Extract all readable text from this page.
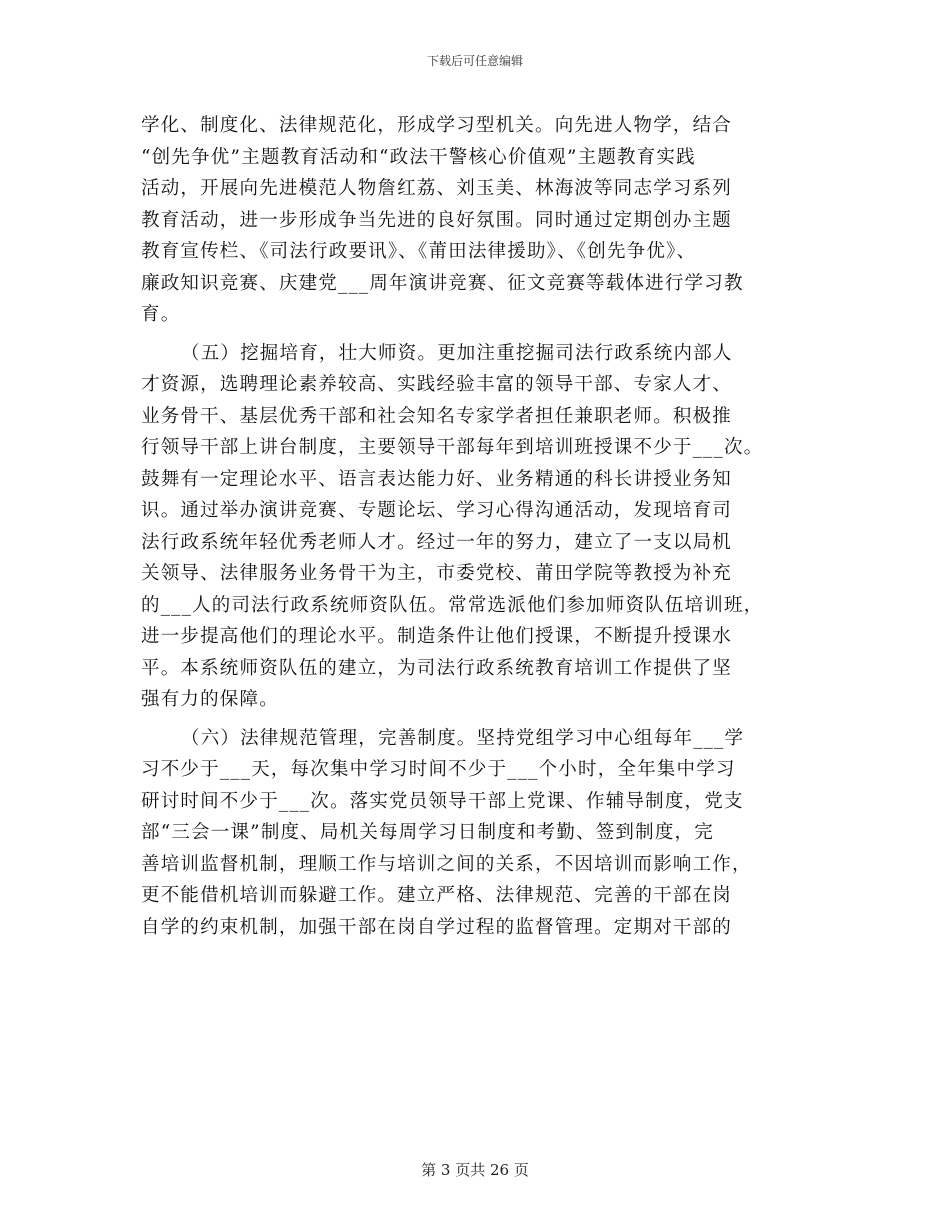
下载后可任意编辑
学化、制度化、法律规范化，形成学习型机关。向先进人物学，结合
“创先争优”主题教育活动和“政法干警核心价值观”主题教育实践
活动，开展向先进模范人物詹红荔、刘玉美、林海波等同志学习系列
教育活动，进一步形成争当先进的良好氛围。同时通过定期创办主题
教育宣传栏、《司法行政要讯》、《莆田法律援助》、《创先争优》、
廉政知识竞赛、庆建党___周年演讲竞赛、征文竞赛等载体进行学习教
育。
（五）挖掘培育，壮大师资。更加注重挖掘司法行政系统内部人
才资源，选聘理论素养较高、实践经验丰富的领导干部、专家人才、
业务骨干、基层优秀干部和社会知名专家学者担任兼职老师。积极推
行领导干部上讲台制度，主要领导干部每年到培训班授课不少于___次。
鼓舞有一定理论水平、语言表达能力好、业务精通的科长讲授业务知
识。通过举办演讲竞赛、专题论坛、学习心得沟通活动，发现培育司
法行政系统年轻优秀老师人才。经过一年的努力，建立了一支以局机
关领导、法律服务业务骨干为主，市委党校、莆田学院等教授为补充
的___人的司法行政系统师资队伍。常常选派他们参加师资队伍培训班，
进一步提高他们的理论水平。制造条件让他们授课，不断提升授课水
平。本系统师资队伍的建立，为司法行政系统教育培训工作提供了坚
强有力的保障。
（六）法律规范管理，完善制度。坚持党组学习中心组每年___学
习不少于___天，每次集中学习时间不少于___个小时，全年集中学习
研讨时间不少于___次。落实党员领导干部上党课、作辅导制度，党支
部“三会一课”制度、局机关每周学习日制度和考勤、签到制度，完
善培训监督机制，理顺工作与培训之间的关系，不因培训而影响工作，
更不能借机培训而躲避工作。建立严格、法律规范、完善的干部在岗
自学的约束机制，加强干部在岗自学过程的监督管理。定期对干部的
第 3 页共 26 页
